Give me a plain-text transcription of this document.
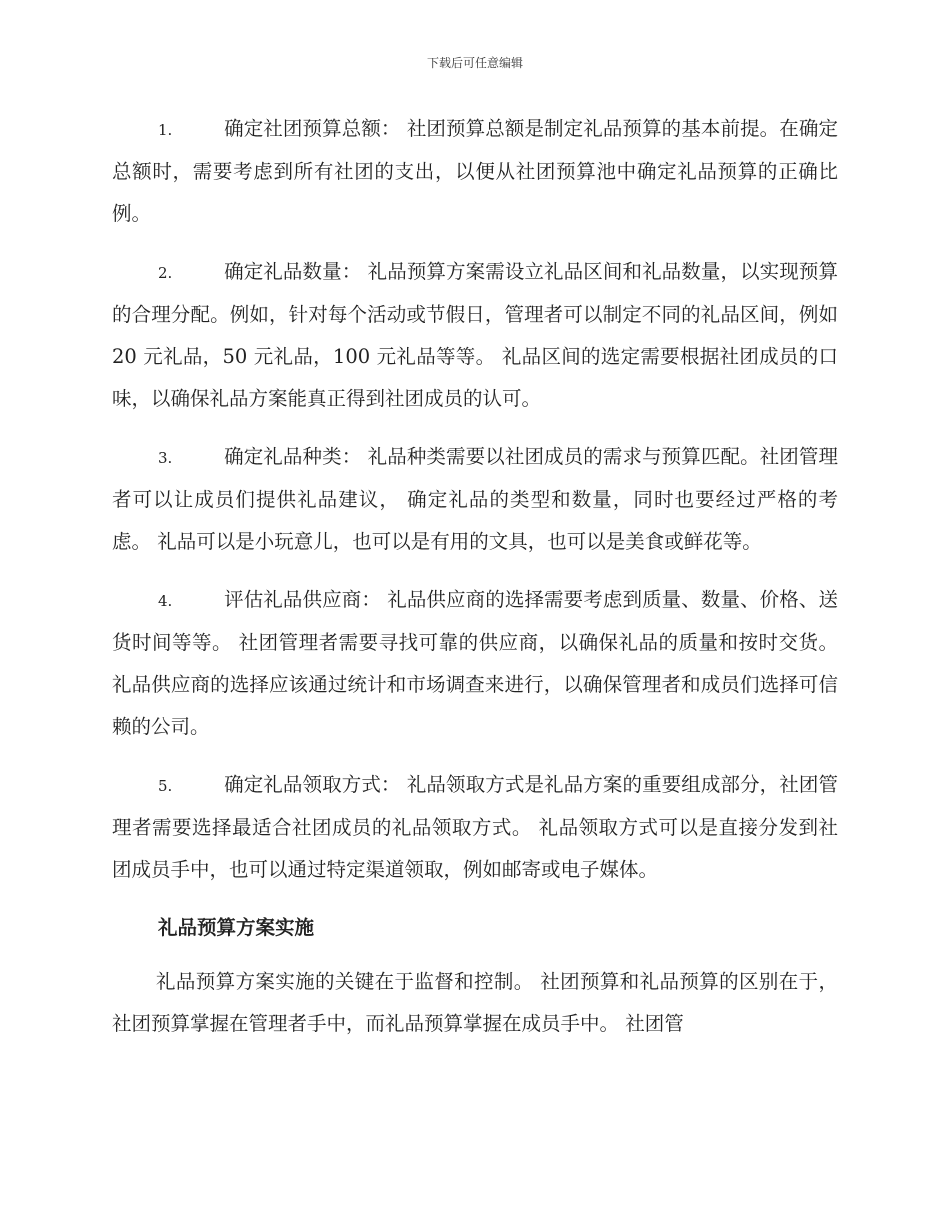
下载后可任意编辑

1.	确定社团预算总额： 社团预算总额是制定礼品预算的基本前提。在确定总额时，需要考虑到所有社团的支出，以便从社团预算池中确定礼品预算的正确比例。

2.	确定礼品数量： 礼品预算方案需设立礼品区间和礼品数量，以实现预算的合理分配。例如，针对每个活动或节假日，管理者可以制定不同的礼品区间，例如 20 元礼品，50 元礼品，100 元礼品等等。 礼品区间的选定需要根据社团成员的口味，以确保礼品方案能真正得到社团成员的认可。

3.	确定礼品种类： 礼品种类需要以社团成员的需求与预算匹配。社团管理者可以让成员们提供礼品建议， 确定礼品的类型和数量，同时也要经过严格的考虑。 礼品可以是小玩意儿，也可以是有用的文具，也可以是美食或鲜花等。

4.	评估礼品供应商： 礼品供应商的选择需要考虑到质量、数量、价格、送货时间等等。 社团管理者需要寻找可靠的供应商，以确保礼品的质量和按时交货。 礼品供应商的选择应该通过统计和市场调查来进行，以确保管理者和成员们选择可信赖的公司。

5.	确定礼品领取方式： 礼品领取方式是礼品方案的重要组成部分，社团管理者需要选择最适合社团成员的礼品领取方式。 礼品领取方式可以是直接分发到社团成员手中，也可以通过特定渠道领取，例如邮寄或电子媒体。

礼品预算方案实施

礼品预算方案实施的关键在于监督和控制。 社团预算和礼品预算的区别在于， 社团预算掌握在管理者手中，而礼品预算掌握在成员手中。 社团管
